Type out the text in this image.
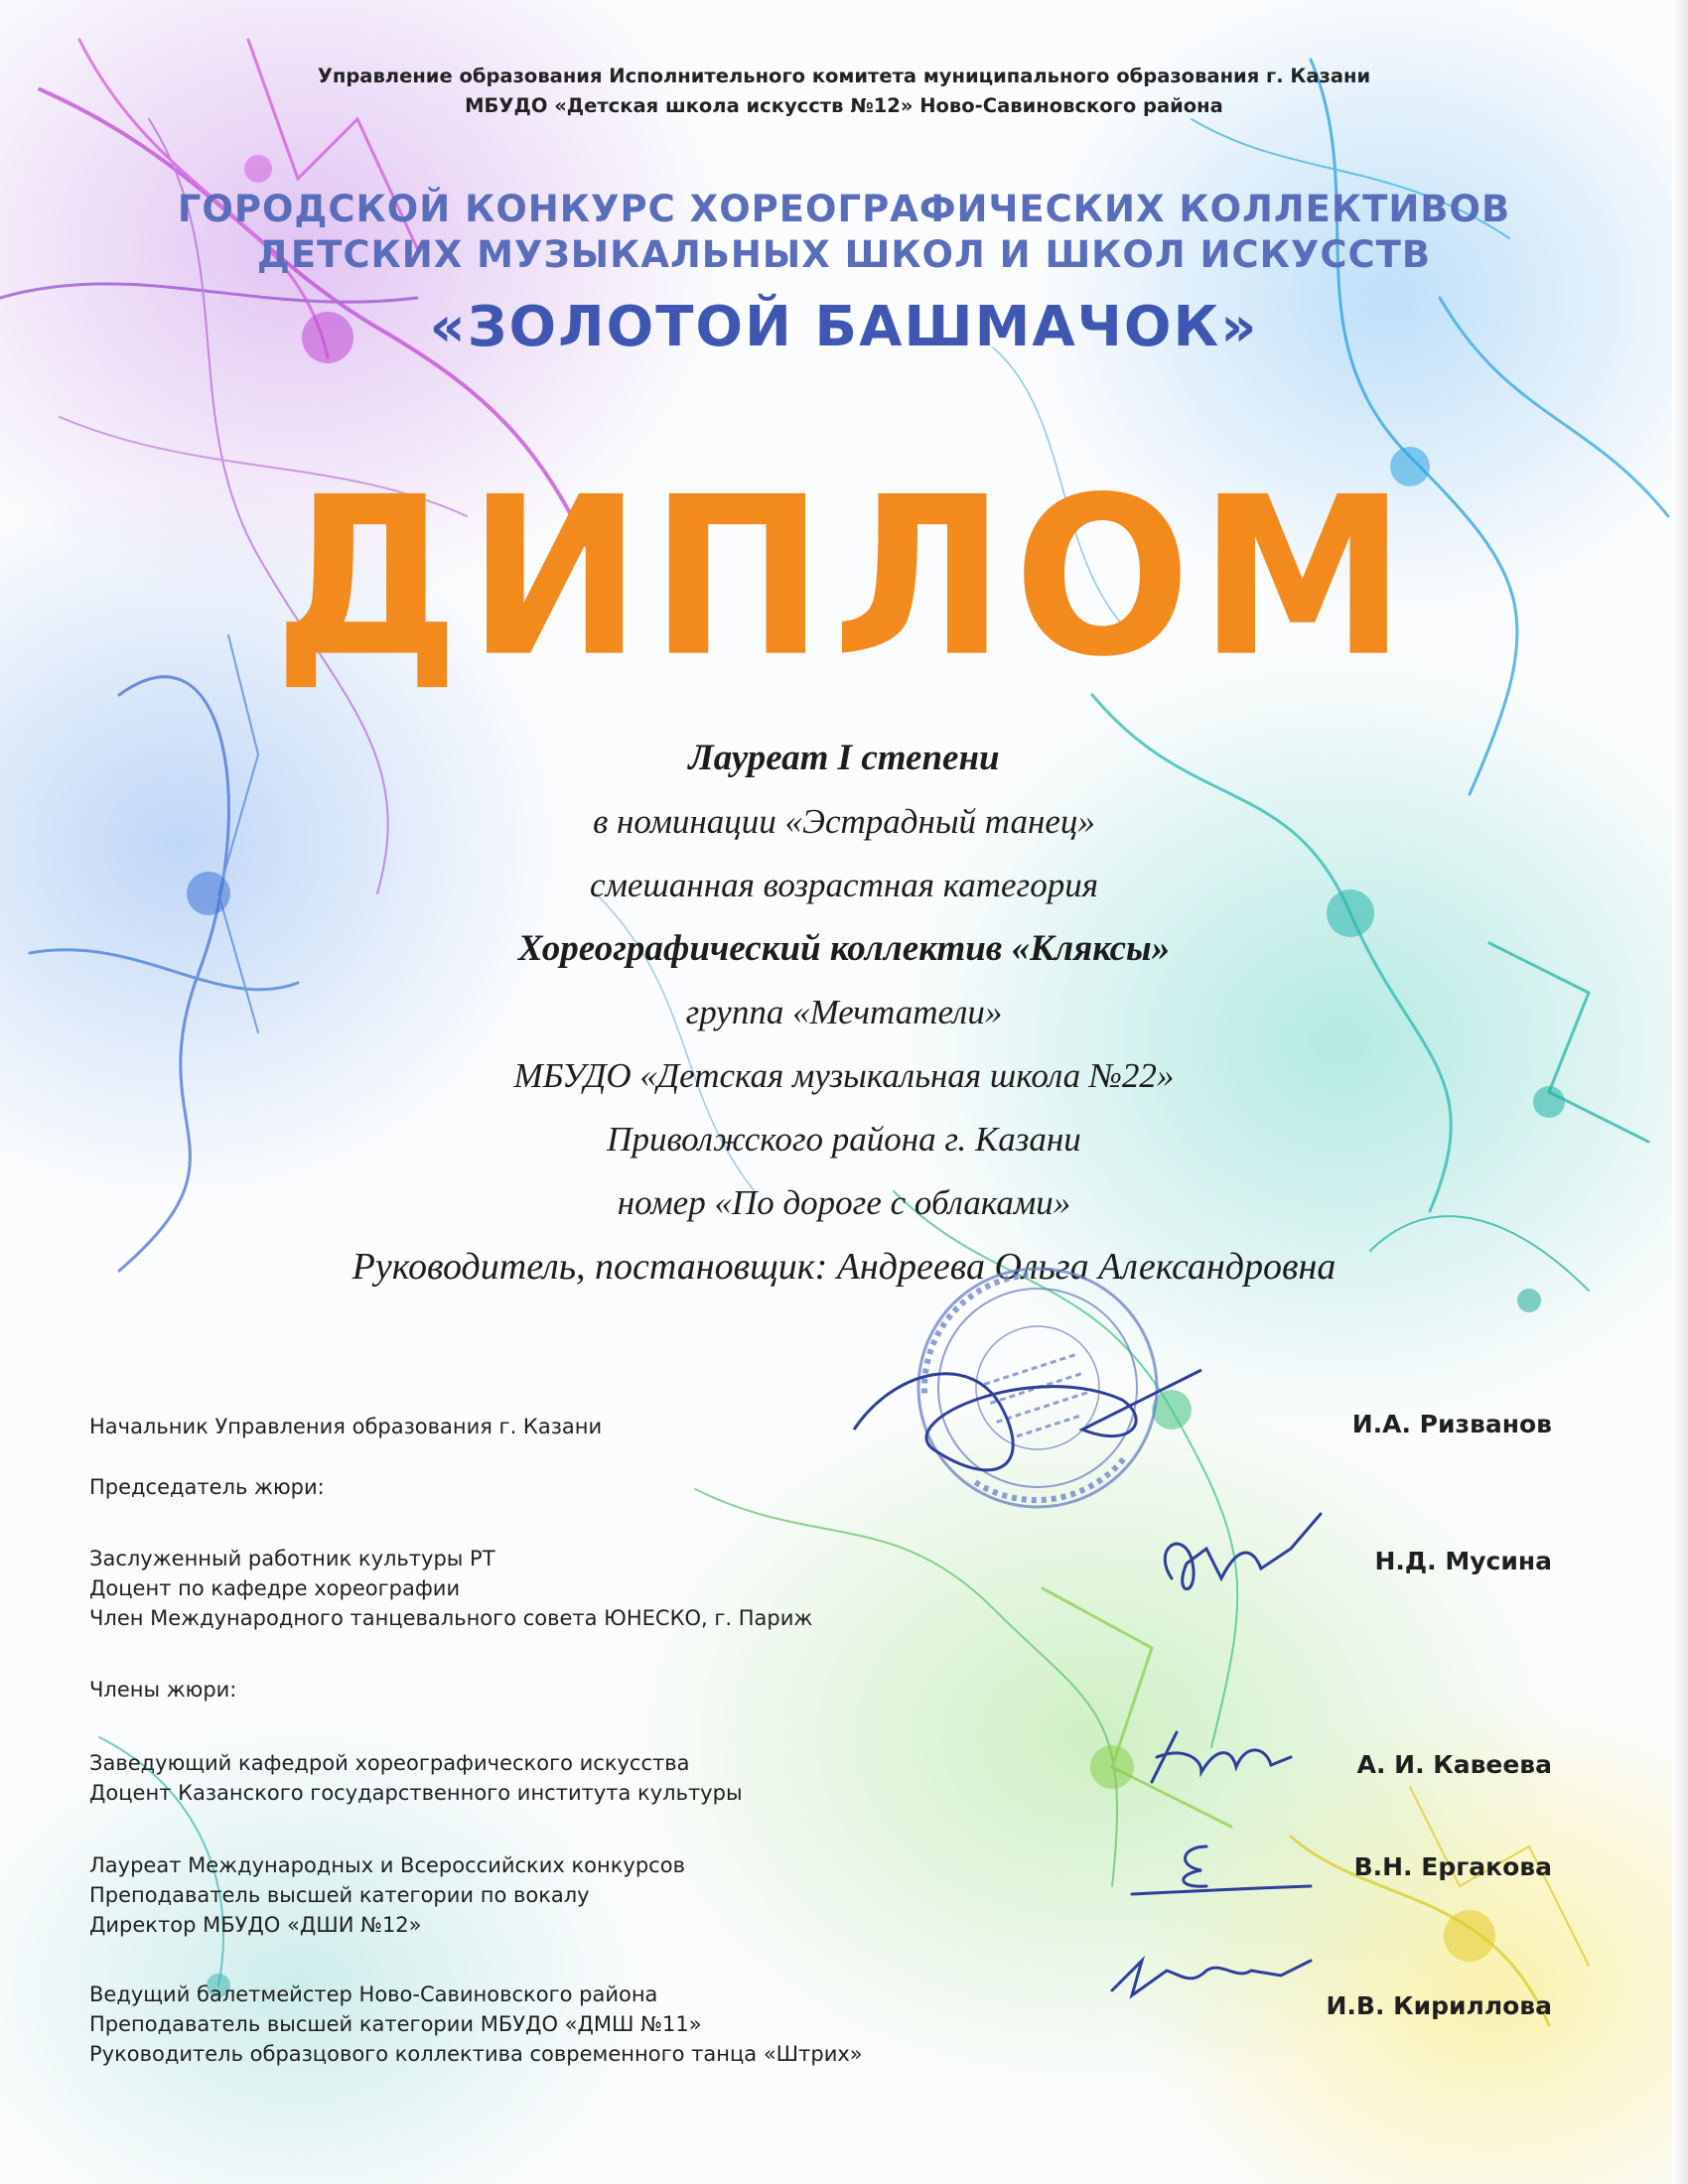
Управление образования Исполнительного комитета муниципального образования г. Казани
МБУДО «Детская школа искусств №12» Ново-Савиновского района
ГОРОДСКОЙ КОНКУРС ХОРЕОГРАФИЧЕСКИХ КОЛЛЕКТИВОВ
ДЕТСКИХ МУЗЫКАЛЬНЫХ ШКОЛ И ШКОЛ ИСКУССТВ
«ЗОЛОТОЙ БАШМАЧОК»
ДИПЛОМ
Лауреат I степени
в номинации «Эстрадный танец»
смешанная возрастная категория
Хореографический коллектив «Кляксы»
группа «Мечтатели»
МБУДО «Детская музыкальная школа №22»
Приволжского района г. Казани
номер «По дороге с облаками»
Руководитель, постановщик: Андреева Ольга Александровна
Начальник Управления образования г. Казани	И.А. Ризванов
Председатель жюри:
Заслуженный работник культуры РТ
Доцент по кафедре хореографии
Член Международного танцевального совета ЮНЕСКО, г. Париж
Н.Д. Мусина
Члены жюри:
Заведующий кафедрой хореографического искусства
Доцент Казанского государственного института культуры
А. И. Кавеева
Лауреат Международных и Всероссийских конкурсов
Преподаватель высшей категории по вокалу
Директор МБУДО «ДШИ №12»
В.Н. Ергакова
Ведущий балетмейстер Ново-Савиновского района
Преподаватель высшей категории МБУДО «ДМШ №11»
Руководитель образцового коллектива современного танца «Штрих»
И.В. Кириллова
